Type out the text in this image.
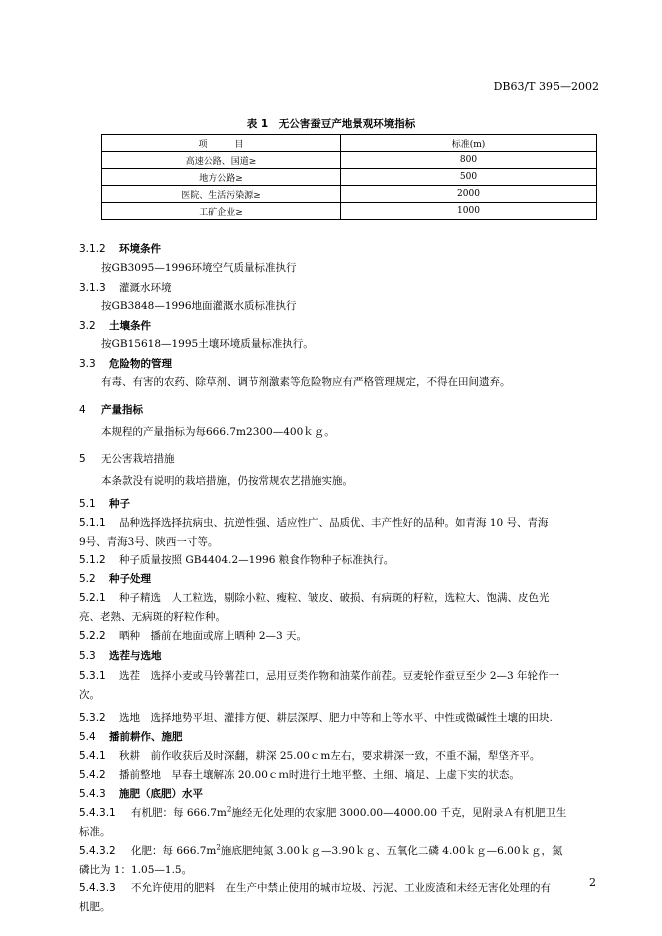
DB63/T 395—2002
表 1　无公害蚕豆产地景观环境指标
项　　　目	标准(m)
高速公路、国道≥	800
地方公路≥	500
医院、生活污染源≥	2000
工矿企业≥	1000
3.1.2 环境条件
按GB3095—1996环境空气质量标准执行
3.1.3 灌溉水环境
按GB3848—1996地面灌溉水质标准执行
3.2 土壤条件
按GB15618—1995土壤环境质量标准执行。
3.3 危险物的管理
有毒、有害的农药、除草剂、调节剂激素等危险物应有严格管理规定，不得在田间遗弃。
4 产量指标
本规程的产量指标为每666.7m2300—400ｋｇ。
5 无公害栽培措施
本条款没有说明的栽培措施，仍按常规农艺措施实施。
5.1 种子
5.1.1 品种选择选择抗病虫、抗逆性强、适应性广、品质优、丰产性好的品种。如青海 10 号、青海
9号、青海3号、陕西一寸等。
5.1.2 种子质量按照 GB4404.2—1996 粮食作物种子标准执行。
5.2 种子处理
5.2.1 种子精选　人工粒选，剔除小粒、瘦粒、皱皮、破损、有病斑的籽粒，选粒大、饱满、皮色光
亮、老熟、无病斑的籽粒作种。
5.2.2 晒种　播前在地面或席上晒种 2—3 天。
5.3 选茬与选地
5.3.1 选茬　选择小麦或马铃薯茬口，忌用豆类作物和油菜作前茬。豆麦轮作蚕豆至少 2—3 年轮作一
次。
5.3.2 选地　选择地势平坦、灌排方便、耕层深厚、肥力中等和上等水平、中性或微碱性土壤的田块.
5.4 播前耕作、施肥
5.4.1 秋耕　前作收获后及时深翻，耕深 25.00ｃm左右，要求耕深一致，不重不漏，犁垡齐平。
5.4.2 播前整地　早春土壤解冻 20.00ｃｍ时进行土地平整、土细、墒足、上虚下实的状态。
5.4.3 施肥（底肥）水平
5.4.3.1 有机肥：每 $666.7m^2$施经无化处理的农家肥 3000.00—4000.00 千克，见附录Ａ有机肥卫生
标准。
5.4.3.2 化肥：每 $666.7m^2$施底肥纯氮 3.00ｋｇ—3.90ｋｇ、五氧化二磷 4.00ｋｇ—6.00ｋｇ，氮
磷比为 1：1.05—1.5。
5.4.3.3 不允许使用的肥料　在生产中禁止使用的城市垃圾、污泥、工业废渣和未经无害化处理的有
机肥。
2
